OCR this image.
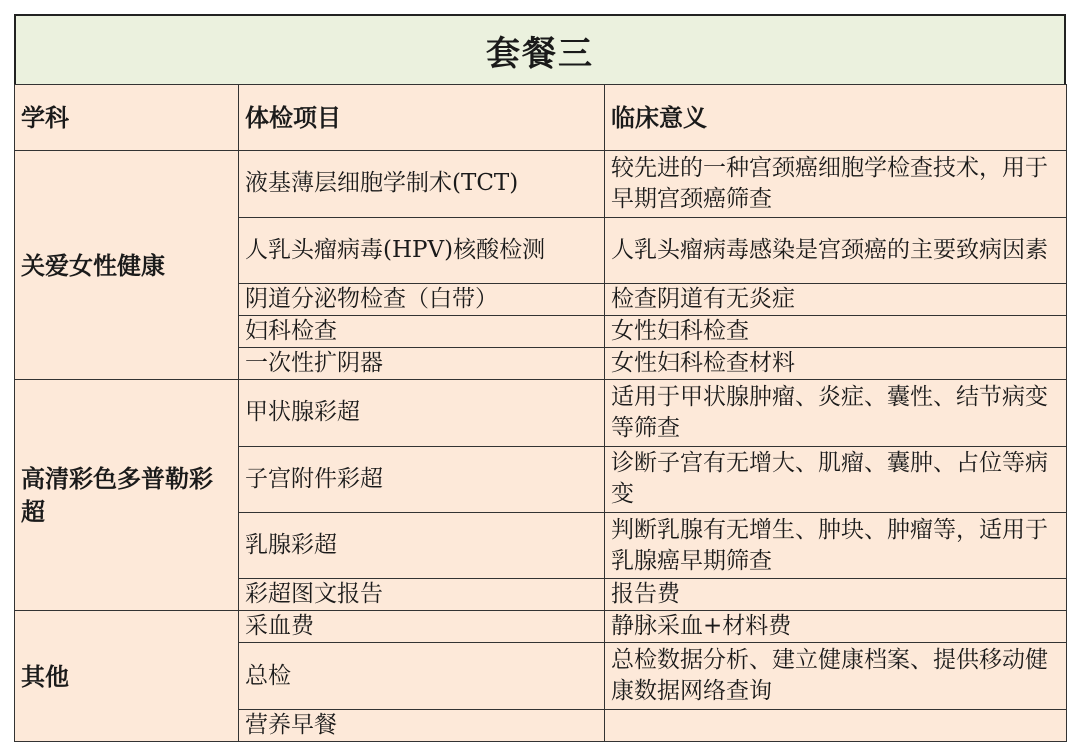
套餐三
学科	体检项目	临床意义
关爱女性健康	液基薄层细胞学制术(TCT)	较先进的一种宫颈癌细胞学检查技术，用于早期宫颈癌筛查
	人乳头瘤病毒(HPV)核酸检测	人乳头瘤病毒感染是宫颈癌的主要致病因素
	阴道分泌物检查（白带）	检查阴道有无炎症
	妇科检查	女性妇科检查
	一次性扩阴器	女性妇科检查材料
高清彩色多普勒彩超	甲状腺彩超	适用于甲状腺肿瘤、炎症、囊性、结节病变等筛查
	子宫附件彩超	诊断子宫有无增大、肌瘤、囊肿、占位等病变
	乳腺彩超	判断乳腺有无增生、肿块、肿瘤等，适用于乳腺癌早期筛查
	彩超图文报告	报告费
其他	采血费	静脉采血+材料费
	总检	总检数据分析、建立健康档案、提供移动健康数据网络查询
	营养早餐	
